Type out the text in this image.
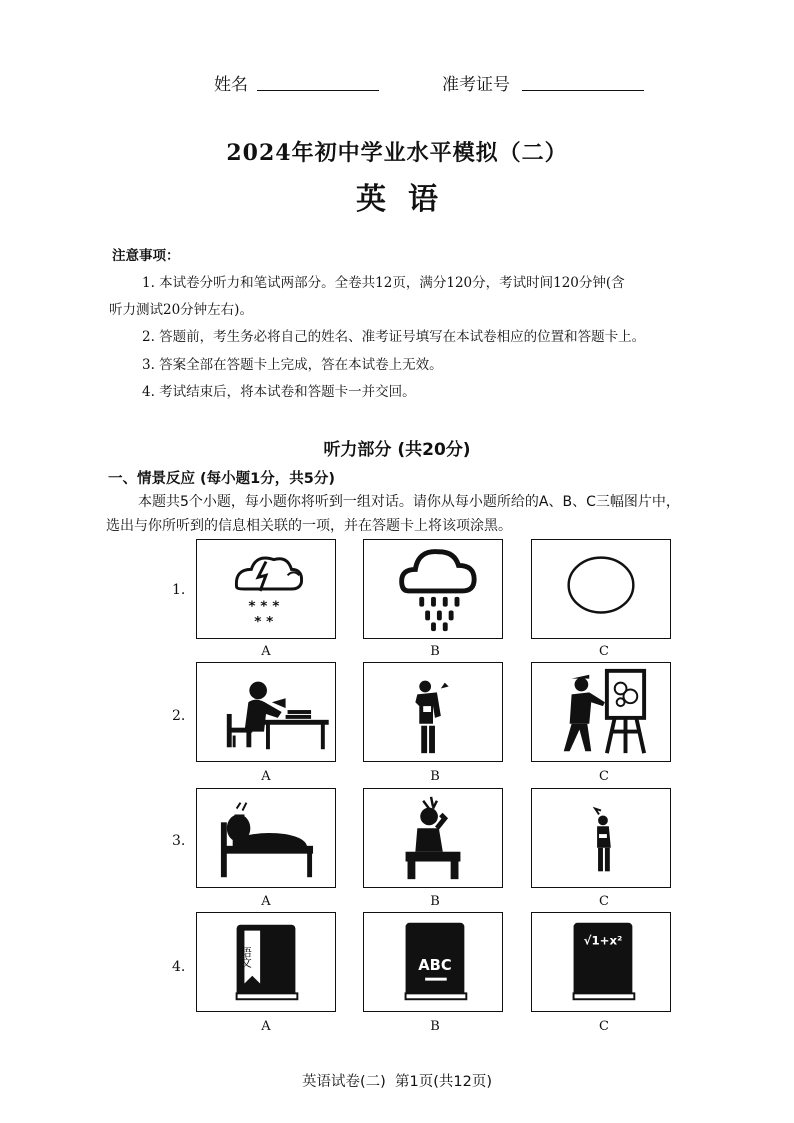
姓名	准考证号
2024年初中学业水平模拟（二）
英语
注意事项：
1. 本试卷分听力和笔试两部分。全卷共12页，满分120分，考试时间120分钟(含
听力测试20分钟左右)。
2. 答题前，考生务必将自己的姓名、准考证号填写在本试卷相应的位置和答题卡上。
3. 答案全部在答题卡上完成，答在本试卷上无效。
4. 考试结束后，将本试卷和答题卡一并交回。
听力部分 (共20分)
一、情景反应 (每小题1分，共5分)
本题共5个小题，每小题你将听到一组对话。请你从每小题所给的A、B、C三幅图片中，
选出与你所听到的信息相关联的一项，并在答题卡上将该项涂黑。
1.
* * *
* *
A	B	C
2.
A	B	C
3.
A	B	C
4.	语文
A
ABC
B
√1+x²
C
英语试卷(二)  第1页(共12页)
